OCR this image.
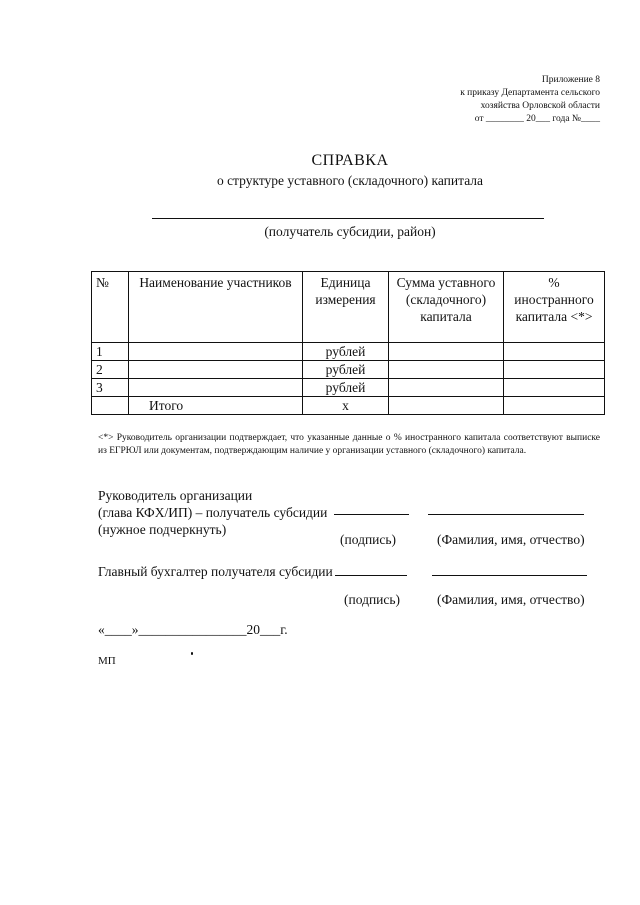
Приложение 8
к приказу Департамента сельского
хозяйства Орловской области
от ________ 20___ года №____
СПРАВКА
о структуре уставного (складочного) капитала
(получатель субсидии, район)
№	Наименование участников	Единица измерения	Сумма уставного (складочного) капитала	% иностранного капитала <*>
1		рублей		
2		рублей		
3		рублей		
	Итого	х		
<*> Руководитель организации подтверждает, что указанные данные о % иностранного капитала соответствуют выписке из ЕГРЮЛ или документам, подтверждающим наличие у организации уставного (складочного) капитала.
Руководитель организации
(глава КФХ/ИП) – получатель субсидии
(нужное подчеркнуть)
(подпись)	(Фамилия, имя, отчество)
Главный бухгалтер получателя субсидии
(подпись)	(Фамилия, имя, отчество)
«____»________________20___г.
МП
